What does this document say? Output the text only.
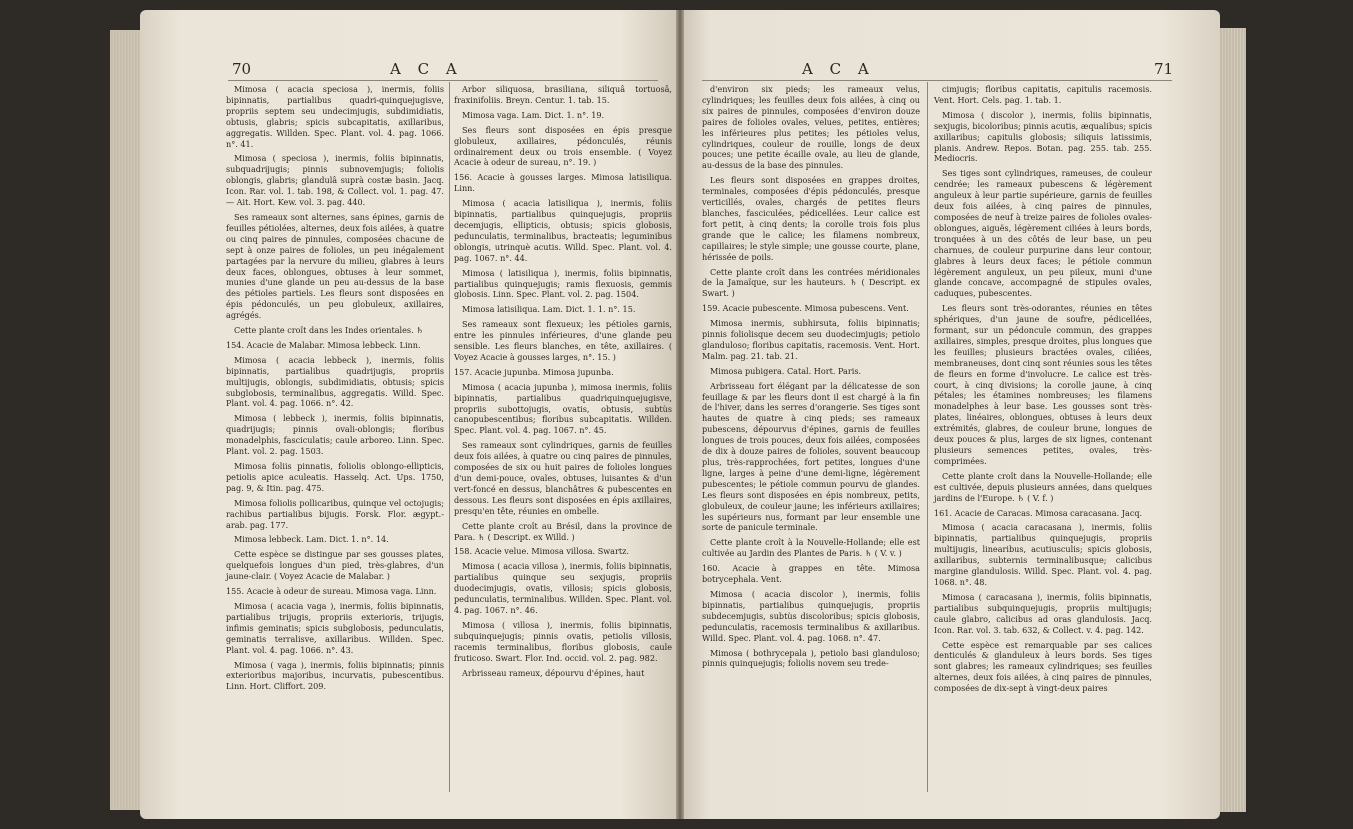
70	A C A

Mimosa ( acacia speciosa ), inermis, foliis bipinnatis, partialibus quadri-quinquejugisve, propriis septem seu undecimjugis, subdimidiatis, obtusis, glabris; spicis subcapitatis, axillaribus, aggregatis. Willden. Spec. Plant. vol. 4. pag. 1066. n°. 41.

Mimosa ( speciosa ), inermis, foliis bipinnatis, subquadrijugis; pinnis subnovemjugis; foliolis oblongis, glabris; glandulâ suprà costæ basin. Jacq. Icon. Rar. vol. 1. tab. 198, & Collect. vol. 1. pag. 47. — Ait. Hort. Kew. vol. 3. pag. 440.

Ses rameaux sont alternes, sans épines, garnis de feuilles pétiolées, alternes, deux fois ailées, à quatre ou cinq paires de pinnules, composées chacune de sept à onze paires de folioles, un peu inégalement partagées par la nervure du milieu, glabres à leurs deux faces, oblongues, obtuses à leur sommet, munies d'une glande un peu au-dessus de la base des pétioles partiels. Les fleurs sont disposées en épis pédonculés, un peu globuleux, axillaires, agrégés.

Cette plante croît dans les Indes orientales. ♄

154. Acacie de Malabar. Mimosa lebbeck. Linn.

Mimosa ( acacia lebbeck ), inermis, foliis bipinnatis, partialibus quadrijugis, propriis multijugis, oblongis, subdimidiatis, obtusis; spicis subglobosis, terminalibus, aggregatis. Willd. Spec. Plant. vol. 4. pag. 1066. n°. 42.

Mimosa ( lebbeck ), inermis, foliis bipinnatis, quadrijugis; pinnis ovali-oblongis; floribus monadelphis, fasciculatis; caule arboreo. Linn. Spec. Plant. vol. 2. pag. 1503.

Mimosa foliis pinnatis, foliolis oblongo-ellipticis, petiolis apice aculeatis. Hasselq. Act. Ups. 1750, pag. 9, & Itin. pag. 475.

Mimosa foliolis pollicaribus, quinque vel octojugis; rachibus partialibus bijugis. Forsk. Flor. ægypt.-arab. pag. 177.

Mimosa lebbeck. Lam. Dict. 1. n°. 14.

Cette espèce se distingue par ses gousses plates, quelquefois longues d'un pied, très-glabres, d'un jaune-clair. ( Voyez Acacie de Malabar. )

155. Acacie à odeur de sureau. Mimosa vaga. Linn.

Mimosa ( acacia vaga ), inermis, foliis bipinnatis, partialibus trijugis, propriis exterioris, trijugis, infimis geminatis; spicis subglobosis, pedunculatis, geminatis terralisve, axillaribus. Willden. Spec. Plant. vol. 4. pag. 1066. n°. 43.

Mimosa ( vaga ), inermis, foliis bipinnatis; pinnis exterioribus majoribus, incurvatis, pubescentibus. Linn. Hort. Cliffort. 209.

Arbor siliquosa, brasiliana, siliquâ tortuosâ, fraxinifoliis. Breyn. Centur. 1. tab. 15.

Mimosa vaga. Lam. Dict. 1. n°. 19.

Ses fleurs sont disposées en épis presque globuleux, axillaires, pédonculés, réunis ordinairement deux ou trois ensemble. ( Voyez Acacie à odeur de sureau, n°. 19. )

156. Acacie à gousses larges. Mimosa latisiliqua. Linn.

Mimosa ( acacia latisiliqua ), inermis, foliis bipinnatis, partialibus quinquejugis, propriis decemjugis, ellipticis, obtusis; spicis globosis, pedunculatis, terminalibus, bracteatis; leguminibus oblongis, utrinquè acutis. Willd. Spec. Plant. vol. 4. pag. 1067. n°. 44.

Mimosa ( latisiliqua ), inermis, foliis bipinnatis, partialibus quinquejugis; ramis flexuosis, gemmis globosis. Linn. Spec. Plant. vol. 2. pag. 1504.

Mimosa latisiliqua. Lam. Dict. 1. 1. n°. 15.

Ses rameaux sont flexueux; les pétioles garnis, entre les pinnules inférieures, d'une glande peu sensible. Les fleurs blanches, en tête, axillaires. ( Voyez Acacie à gousses larges, n°. 15. )

157. Acacie jupunba. Mimosa jupunba.

Mimosa ( acacia jupunba ), mimosa inermis, foliis bipinnatis, partialibus quadriquinquejugisve, propriis subottojugis, ovatis, obtusis, subtùs canopubescentibus; floribus subcapitatis. Willden. Spec. Plant. vol. 4. pag. 1067. n°. 45.

Ses rameaux sont cylindriques, garnis de feuilles deux fois ailées, à quatre ou cinq paires de pinnules, composées de six ou huit paires de folioles longues d'un demi-pouce, ovales, obtuses, luisantes & d'un vert-foncé en dessus, blanchâtres & pubescentes en dessous. Les fleurs sont disposées en épis axillaires, presqu'en tête, réunies en ombelle.

Cette plante croît au Brésil, dans la province de Para. ♄ ( Descript. ex Willd. )

158. Acacie velue. Mimosa villosa. Swartz.

Mimosa ( acacia villosa ), inermis, foliis bipinnatis, partialibus quinque seu sexjugis, propriis duodecimjugis, ovatis, villosis; spicis globosis, pedunculatis, terminalibus. Willden. Spec. Plant. vol. 4. pag. 1067. n°. 46.

Mimosa ( villosa ), inermis, foliis bipinnatis, subquinquejugis; pinnis ovatis, petiolis villosis, racemis terminalibus, floribus globosis, caule fruticoso. Swart. Flor. Ind. occid. vol. 2. pag. 982.

Arbrisseau rameux, dépourvu d'épines, haut

A C A	71

d'environ six pieds; les rameaux velus, cylindriques; les feuilles deux fois ailées, à cinq ou six paires de pinnules, composées d'environ douze paires de folioles ovales, velues, petites, entières; les inférieures plus petites; les pétioles velus, cylindriques, couleur de rouille, longs de deux pouces; une petite écaille ovale, au lieu de glande, au-dessus de la base des pinnules.

Les fleurs sont disposées en grappes droites, terminales, composées d'épis pédonculés, presque verticillés, ovales, chargés de petites fleurs blanches, fasciculées, pédicellées. Leur calice est fort petit, à cinq dents; la corolle trois fois plus grande que le calice; les filamens nombreux, capillaires; le style simple; une gousse courte, plane, hérissée de poils.

Cette plante croît dans les contrées méridionales de la Jamaïque, sur les hauteurs. ♄ ( Descript. ex Swart. )

159. Acacie pubescente. Mimosa pubescens. Vent.

Mimosa inermis, subhirsuta, foliis bipinnatis; pinnis foliolisque decem seu duodecimjugis; petiolo glandulosо; floribus capitatis, racemosis. Vent. Hort. Malm. pag. 21. tab. 21.

Mimosa pubigera. Catal. Hort. Paris.

Arbrisseau fort élégant par la délicatesse de son feuillage & par les fleurs dont il est chargé à la fin de l'hiver, dans les serres d'orangerie. Ses tiges sont hautes de quatre à cinq pieds; ses rameaux pubescens, dépourvus d'épines, garnis de feuilles longues de trois pouces, deux fois ailées, composées de dix à douze paires de folioles, souvent beaucoup plus, très-rapprochées, fort petites, longues d'une ligne, larges à peine d'une demi-ligne, légèrement pubescentes; le pétiole commun pourvu de glandes. Les fleurs sont disposées en épis nombreux, petits, globuleux, de couleur jaune; les inférieurs axillaires; les supérieurs nus, formant par leur ensemble une sorte de panicule terminale.

Cette plante croît à la Nouvelle-Hollande; elle est cultivée au Jardin des Plantes de Paris. ♄ ( V. v. )

160. Acacie à grappes en tête. Mimosa botrycephala. Vent.

Mimosa ( acacia discolor ), inermis, foliis bipinnatis, partialibus quinquejugis, propriis subdecemjugis, subtùs discoloribus; spicis globosis, pedunculatis, racemosis terminalibus & axillaribus. Willd. Spec. Plant. vol. 4. pag. 1068. n°. 47.

Mimosa ( bothrycepala ), petiolo basi glandulosо; pinnis quinquejugis; foliolis novem seu trede-

cimjugis; floribus capitatis, capitulis racemosis. Vent. Hort. Cels. pag. 1. tab. 1.

Mimosa ( discolor ), inermis, foliis bipinnatis, sexjugis, bicoloribus; pinnis acutis, æqualibus; spicis axillaribus; capitulis globosis; siliquis latissimis, planis. Andrew. Repos. Botan. pag. 255. tab. 255. Mediocris.

Ses tiges sont cylindriques, rameuses, de couleur cendrée; les rameaux pubescens & légèrement anguleux à leur partie supérieure, garnis de feuilles deux fois ailées, à cinq paires de pinnules, composées de neuf à treize paires de folioles ovales-oblongues, aiguës, légèrement ciliées à leurs bords, tronquées à un des côtés de leur base, un peu charnues, de couleur purpurine dans leur contour, glabres à leurs deux faces; le pétiole commun légèrement anguleux, un peu pileux, muni d'une glande concave, accompagné de stipules ovales, caduques, pubescentes.

Les fleurs sont très-odorantes, réunies en têtes sphériques, d'un jaune de soufre, pédicellées, formant, sur un pédoncule commun, des grappes axillaires, simples, presque droites, plus longues que les feuilles; plusieurs bractées ovales, ciliées, membraneuses, dont cinq sont réunies sous les têtes de fleurs en forme d'involucre. Le calice est très-court, à cinq divisions; la corolle jaune, à cinq pétales; les étamines nombreuses; les filamens monadelphes à leur base. Les gousses sont très-plates, linéaires, oblongues, obtuses à leurs deux extrémités, glabres, de couleur brune, longues de deux pouces & plus, larges de six lignes, contenant plusieurs semences petites, ovales, très-comprimées.

Cette plante croît dans la Nouvelle-Hollande; elle est cultivée, depuis plusieurs années, dans quelques jardins de l'Europe. ♄ ( V. f. )

161. Acacie de Caracas. Mimosa caracasana. Jacq.

Mimosa ( acacia caracasana ), inermis, foliis bipinnatis, partialibus quinquejugis, propriis multijugis, linearibus, acutiusculis; spicis globosis, axillaribus, subternis terminalibusque; calicibus margine glandulosis. Willd. Spec. Plant. vol. 4. pag. 1068. n°. 48.

Mimosa ( caracasana ), inermis, foliis bipinnatis, partialibus subquinquejugis, propriis multijugis; caule glabro, calicibus ad oras glandulosis. Jacq. Icon. Rar. vol. 3. tab. 632, & Collect. v. 4. pag. 142.

Cette espèce est remarquable par ses calices denticulés & glanduleux à leurs bords. Ses tiges sont glabres; les rameaux cylindriques; ses feuilles alternes, deux fois ailées, à cinq paires de pinnules, composées de dix-sept à vingt-deux paires
